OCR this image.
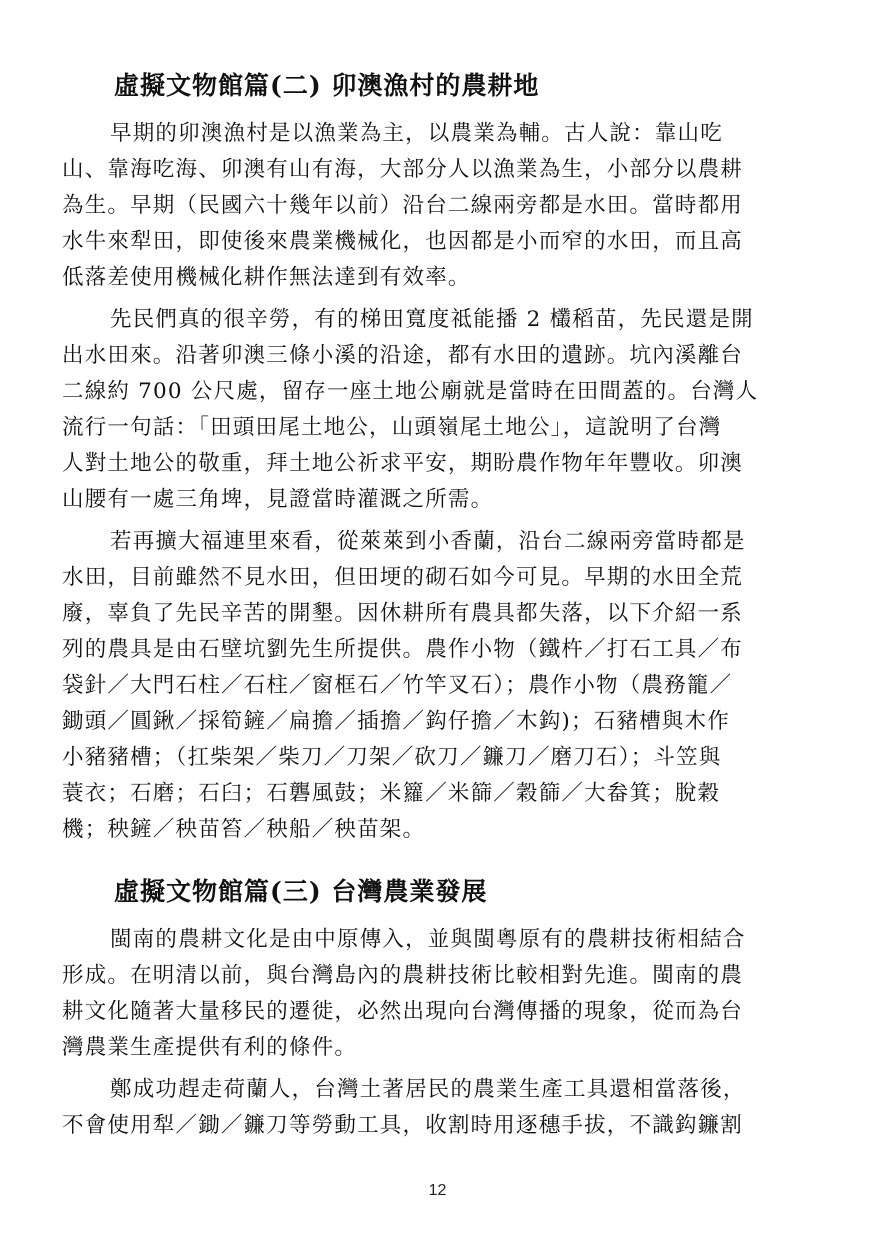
虛擬文物館篇(二) 卯澳漁村的農耕地
早期的卯澳漁村是以漁業為主，以農業為輔。古人說：靠山吃
山、靠海吃海、卯澳有山有海，大部分人以漁業為生，小部分以農耕
為生。早期（民國六十幾年以前）沿台二線兩旁都是水田。當時都用
水牛來犁田，即使後來農業機械化，也因都是小而窄的水田，而且高
低落差使用機械化耕作無法達到有效率。
先民們真的很辛勞，有的梯田寬度祗能播 2 欉稻苗，先民還是開
出水田來。沿著卯澳三條小溪的沿途，都有水田的遺跡。坑內溪離台
二線約 700 公尺處，留存一座土地公廟就是當時在田間蓋的。台灣人
流行一句話：「田頭田尾土地公，山頭嶺尾土地公」，這說明了台灣
人對土地公的敬重，拜土地公祈求平安，期盼農作物年年豐收。卯澳
山腰有一處三角埤，見證當時灌溉之所需。
若再擴大福連里來看，從萊萊到小香蘭，沿台二線兩旁當時都是
水田，目前雖然不見水田，但田埂的砌石如今可見。早期的水田全荒
廢，辜負了先民辛苦的開墾。因休耕所有農具都失落，以下介紹一系
列的農具是由石壁坑劉先生所提供。農作小物（鐵杵／打石工具／布
袋針／大門石柱／石柱／窗框石／竹竿叉石）；農作小物（農務籠／
鋤頭／圓鍬／採筍鏟／扁擔／插擔／鈎仔擔／木鈎)；石豬槽與木作
小豬豬槽；（扛柴架／柴刀／刀架／砍刀／鐮刀／磨刀石）；斗笠與
蓑衣；石磨；石臼；石礱風鼓；米籮／米篩／穀篩／大畚箕；脫穀
機；秧鏟／秧苗笞／秧船／秧苗架。
虛擬文物館篇(三) 台灣農業發展
閩南的農耕文化是由中原傳入，並與閩粵原有的農耕技術相結合
形成。在明清以前，與台灣島內的農耕技術比較相對先進。閩南的農
耕文化隨著大量移民的遷徙，必然出現向台灣傳播的現象，從而為台
灣農業生產提供有利的條件。
鄭成功趕走荷蘭人，台灣土著居民的農業生產工具還相當落後，
不會使用犁／鋤／鐮刀等勞動工具，收割時用逐穗手拔，不識鈎鐮割
12
